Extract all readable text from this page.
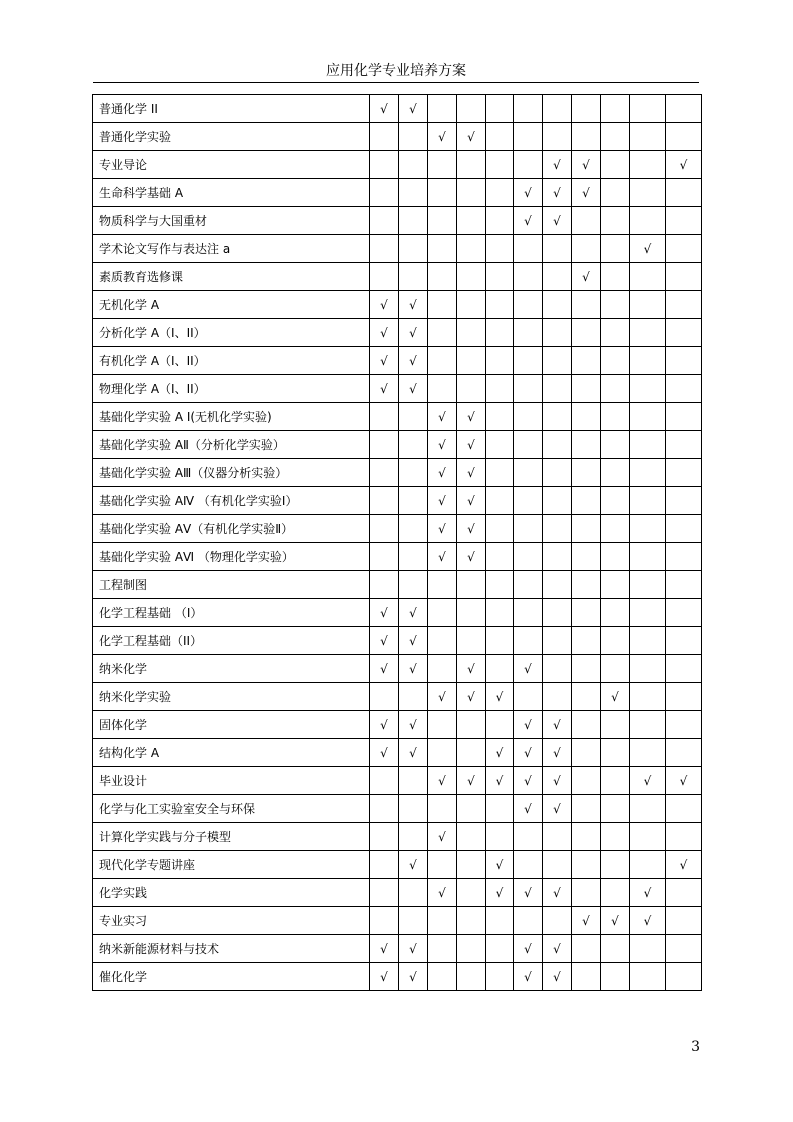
应用化学专业培养方案
普通化学 II	√	√									
普通化学实验			√	√							
专业导论							√	√			√
生命科学基础 A						√	√	√			
物质科学与大国重材						√	√				
学术论文写作与表达注 a										√	
素质教育选修课								√			
无机化学 A	√	√									
分析化学 A（I、II）	√	√									
有机化学 A（I、II）	√	√									
物理化学 A（I、II）	√	√									
基础化学实验 A Ⅰ(无机化学实验)			√	√							
基础化学实验 AⅡ（分析化学实验）			√	√							
基础化学实验 AⅢ（仪器分析实验）			√	√							
基础化学实验 AⅣ （有机化学实验Ⅰ）			√	√							
基础化学实验 AⅤ（有机化学实验Ⅱ）			√	√							
基础化学实验 AⅥ （物理化学实验）			√	√							
工程制图											
化学工程基础 （I）	√	√									
化学工程基础（II）	√	√									
纳米化学	√	√		√		√					
纳米化学实验			√	√	√				√		
固体化学	√	√				√	√				
结构化学 A	√	√			√	√	√				
毕业设计			√	√	√	√	√			√	√
化学与化工实验室安全与环保						√	√				
计算化学实践与分子模型			√								
现代化学专题讲座		√			√						√
化学实践			√		√	√	√			√	
专业实习								√	√	√	
纳米新能源材料与技术	√	√				√	√				
催化化学	√	√				√	√				
3
